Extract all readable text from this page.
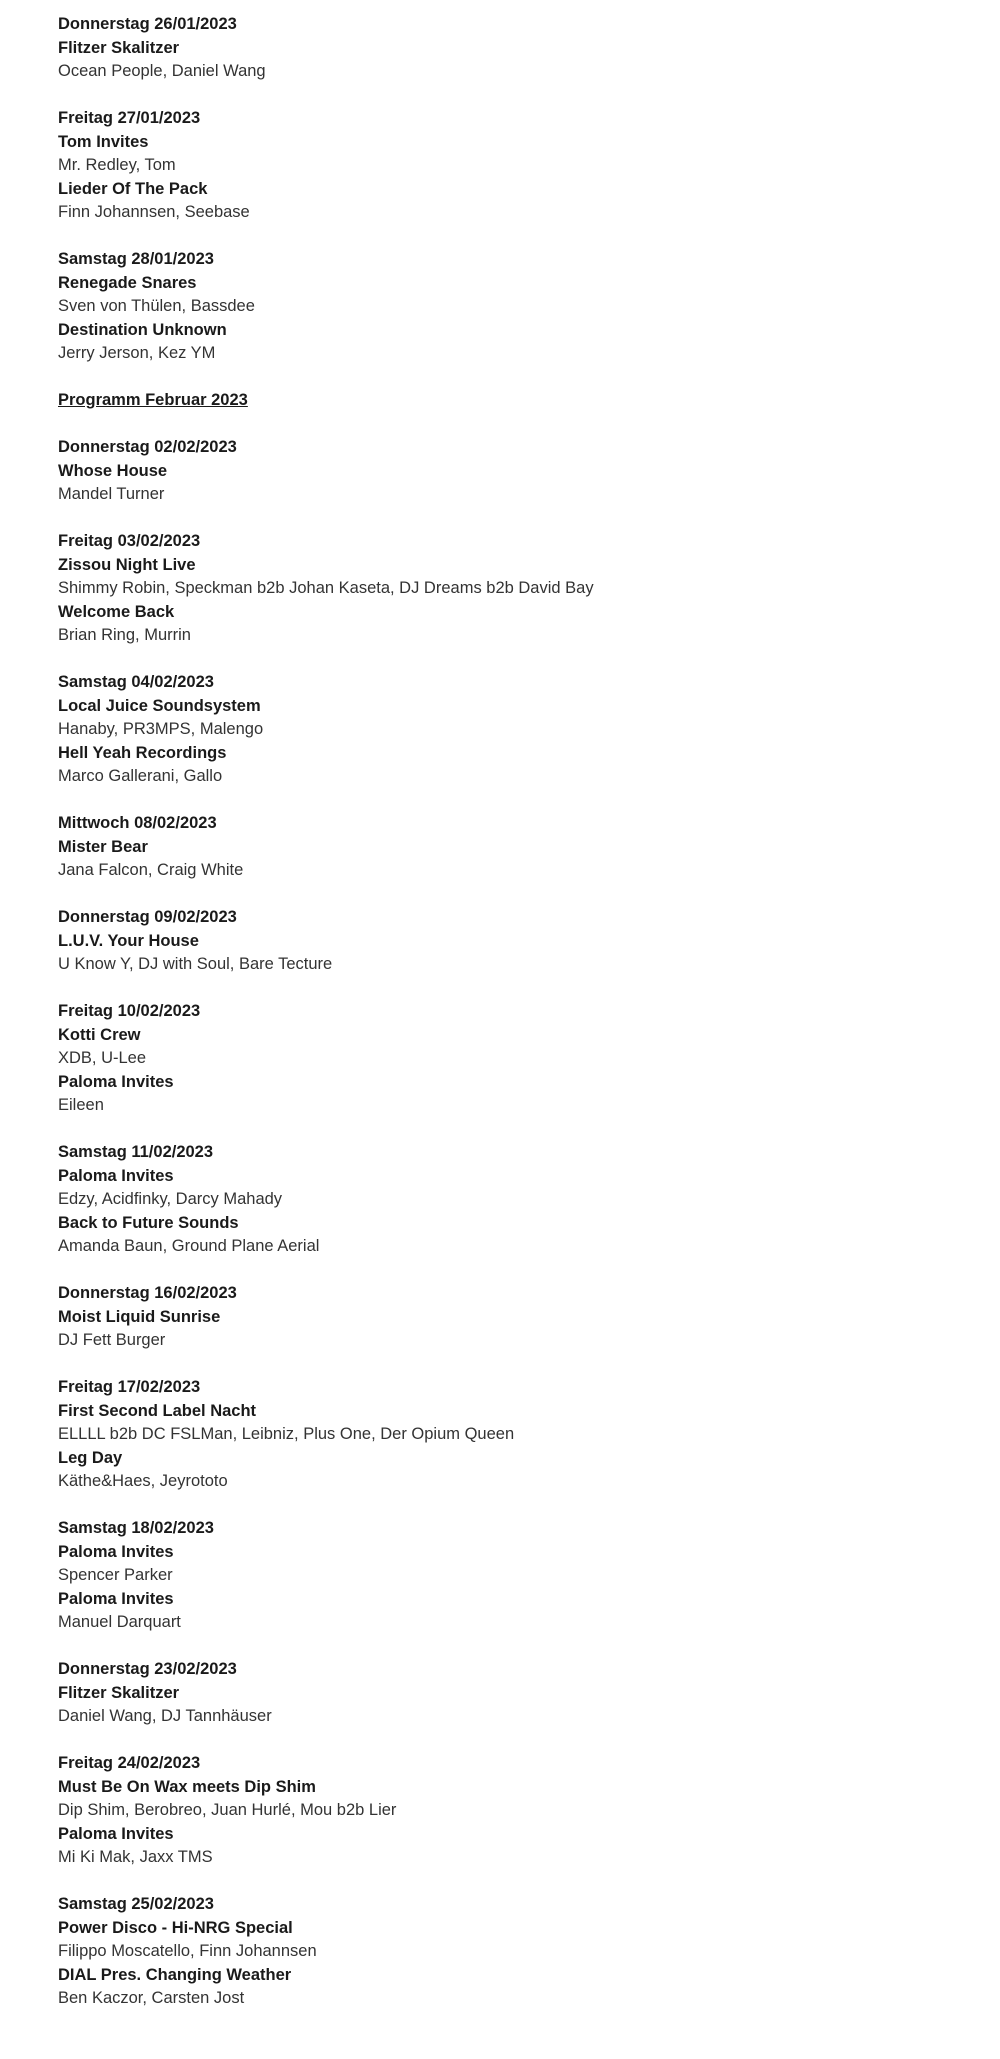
Donnerstag 26/01/2023
Flitzer Skalitzer
Ocean People, Daniel Wang
Freitag 27/01/2023
Tom Invites
Mr. Redley, Tom
Lieder Of The Pack
Finn Johannsen, Seebase
Samstag 28/01/2023
Renegade Snares
Sven von Thülen, Bassdee
Destination Unknown
Jerry Jerson, Kez YM
Programm Februar 2023
Donnerstag 02/02/2023
Whose House
Mandel Turner
Freitag 03/02/2023
Zissou Night Live
Shimmy Robin, Speckman b2b Johan Kaseta, DJ Dreams b2b David Bay
Welcome Back
Brian Ring, Murrin
Samstag 04/02/2023
Local Juice Soundsystem
Hanaby, PR3MPS, Malengo
Hell Yeah Recordings
Marco Gallerani, Gallo
Mittwoch 08/02/2023
Mister Bear
Jana Falcon, Craig White
Donnerstag 09/02/2023
L.U.V. Your House
U Know Y, DJ with Soul, Bare Tecture
Freitag 10/02/2023
Kotti Crew
XDB, U-Lee
Paloma Invites
Eileen
Samstag 11/02/2023
Paloma Invites
Edzy, Acidfinky, Darcy Mahady
Back to Future Sounds
Amanda Baun, Ground Plane Aerial
Donnerstag 16/02/2023
Moist Liquid Sunrise
DJ Fett Burger
Freitag 17/02/2023
First Second Label Nacht
ELLLL b2b DC FSLMan, Leibniz, Plus One, Der Opium Queen
Leg Day
Käthe&Haes, Jeyrototo
Samstag 18/02/2023
Paloma Invites
Spencer Parker
Paloma Invites
Manuel Darquart
Donnerstag 23/02/2023
Flitzer Skalitzer
Daniel Wang, DJ Tannhäuser
Freitag 24/02/2023
Must Be On Wax meets Dip Shim
Dip Shim, Berobreo, Juan Hurlé, Mou b2b Lier
Paloma Invites
Mi Ki Mak, Jaxx TMS
Samstag 25/02/2023
Power Disco - Hi-NRG Special
Filippo Moscatello, Finn Johannsen
DIAL Pres. Changing Weather
Ben Kaczor, Carsten Jost
